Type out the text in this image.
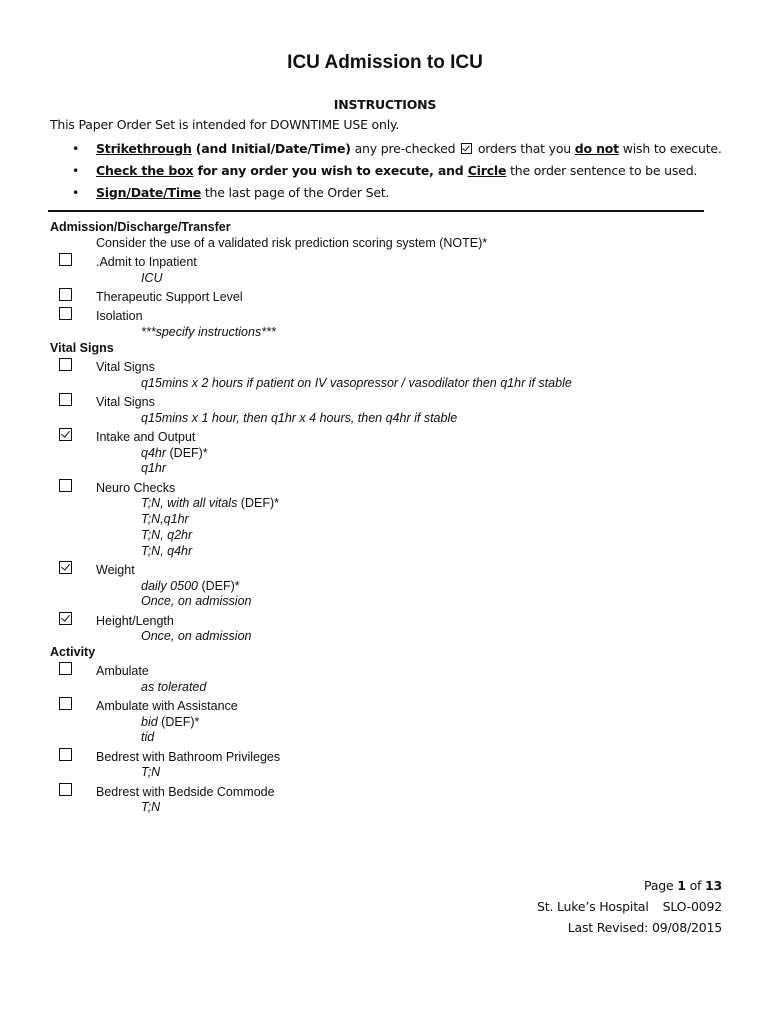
ICU Admission to ICU
INSTRUCTIONS
This Paper Order Set is intended for DOWNTIME USE only.
• Strikethrough (and Initial/Date/Time) any pre-checked  orders that you do not wish to execute.
• Check the box for any order you wish to execute, and Circle the order sentence to be used.
• Sign/Date/Time the last page of the Order Set.
Admission/Discharge/Transfer
Consider the use of a validated risk prediction scoring system (NOTE)*
.Admit to Inpatient
ICU
Therapeutic Support Level
Isolation
***specify instructions***
Vital Signs
Vital Signs
q15mins x 2 hours if patient on IV vasopressor / vasodilator then q1hr if stable
Vital Signs
q15mins x 1 hour, then q1hr x 4 hours, then q4hr if stable
Intake and Output
q4hr (DEF)*
q1hr
Neuro Checks
T;N, with all vitals (DEF)*
T;N,q1hr
T;N, q2hr
T;N, q4hr
Weight
daily 0500 (DEF)*
Once, on admission
Height/Length
Once, on admission
Activity
Ambulate
as tolerated
Ambulate with Assistance
bid (DEF)*
tid
Bedrest with Bathroom Privileges
T;N
Bedrest with Bedside Commode
T;N
Page 1 of 13
St. Luke’s Hospital SLO-0092
Last Revised: 09/08/2015
